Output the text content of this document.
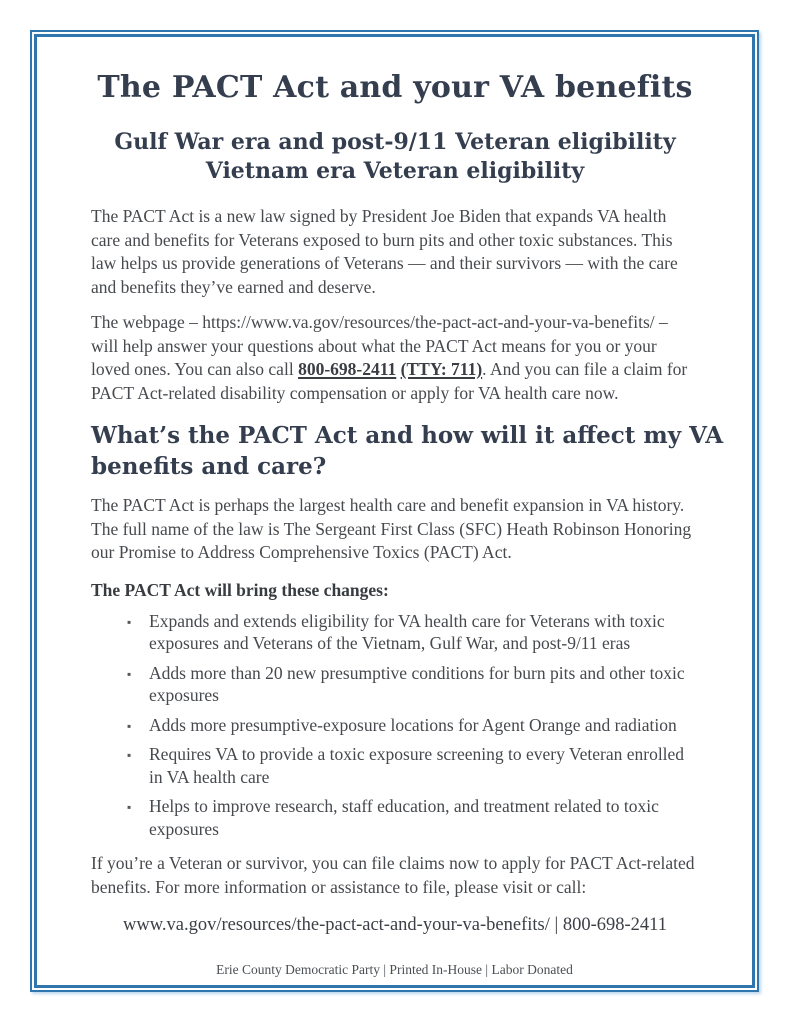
The PACT Act and your VA benefits
Gulf War era and post-9/11 Veteran eligibility
Vietnam era Veteran eligibility

The PACT Act is a new law signed by President Joe Biden that expands VA health care and benefits for Veterans exposed to burn pits and other toxic substances. This law helps us provide generations of Veterans — and their survivors — with the care and benefits they’ve earned and deserve.

The webpage – https://www.va.gov/resources/the-pact-act-and-your-va-benefits/ – will help answer your questions about what the PACT Act means for you or your loved ones. You can also call 800-698-2411 (TTY: 711). And you can file a claim for PACT Act-related disability compensation or apply for VA health care now.

What’s the PACT Act and how will it affect my VA
benefits and care?

The PACT Act is perhaps the largest health care and benefit expansion in VA history. The full name of the law is The Sergeant First Class (SFC) Heath Robinson Honoring our Promise to Address Comprehensive Toxics (PACT) Act.

The PACT Act will bring these changes:

▪ Expands and extends eligibility for VA health care for Veterans with toxic exposures and Veterans of the Vietnam, Gulf War, and post-9/11 eras
▪ Adds more than 20 new presumptive conditions for burn pits and other toxic exposures
▪ Adds more presumptive-exposure locations for Agent Orange and radiation
▪ Requires VA to provide a toxic exposure screening to every Veteran enrolled in VA health care
▪ Helps to improve research, staff education, and treatment related to toxic exposures

If you’re a Veteran or survivor, you can file claims now to apply for PACT Act-related benefits. For more information or assistance to file, please visit or call:

www.va.gov/resources/the-pact-act-and-your-va-benefits/ | 800-698-2411

Erie County Democratic Party | Printed In-House | Labor Donated
